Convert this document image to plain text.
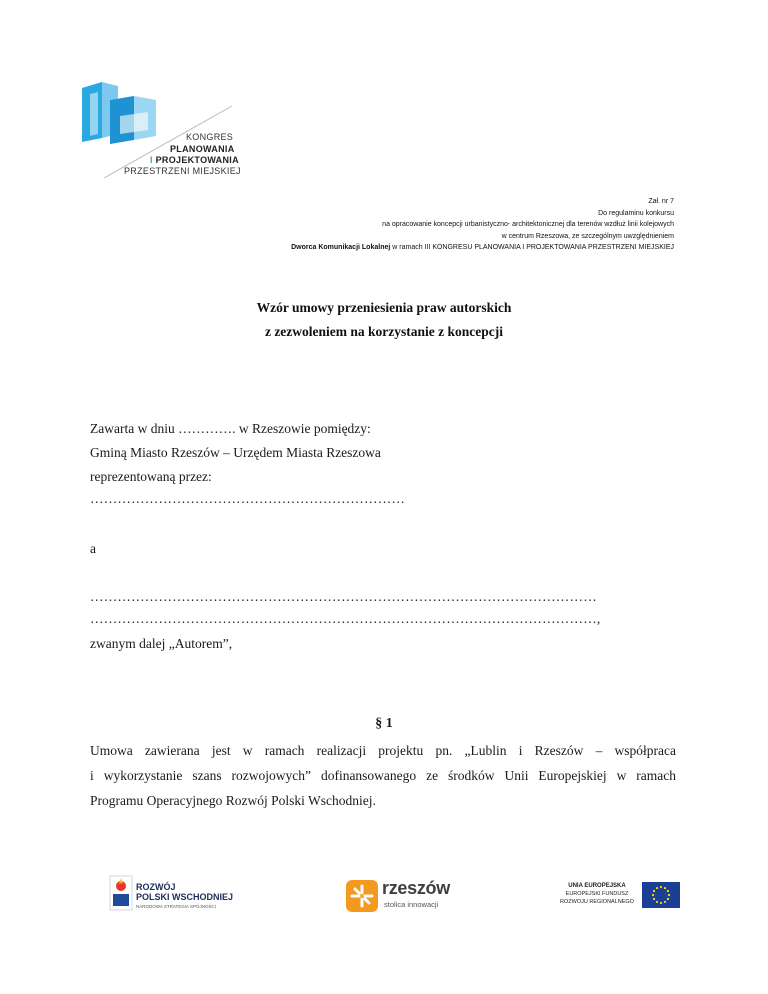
KONGRES
PLANOWANIA
I PROJEKTOWANIA
PRZESTRZENI MIEJSKIEJ
Zał. nr 7
Do regulaminu konkursu
na opracowanie koncepcji urbanistyczno- architektonicznej dla terenów wzdłuż linii kolejowych
w centrum Rzeszowa, ze szczególnym uwzględnieniem
Dworca Komunikacji Lokalnej w ramach III KONGRESU PLANOWANIA I PROJEKTOWANIA PRZESTRZENI MIEJSKIEJ
Wzór umowy przeniesienia praw autorskich
z zezwoleniem na korzystanie z koncepcji
Zawarta w dniu …………. w Rzeszowie pomiędzy:
Gminą Miasto Rzeszów – Urzędem Miasta Rzeszowa
reprezentowaną przez:
……………………………………………………………
a
…………………………………………………………………………………………………
…………………………………………………………………………………………………,
zwanym dalej „Autorem”,
§ 1
Umowa zawierana jest w ramach realizacji projektu pn. „Lublin i Rzeszów – współpraca
i wykorzystanie szans rozwojowych” dofinansowanego ze środków Unii Europejskiej w ramach
Programu Operacyjnego Rozwój Polski Wschodniej.
ROZWÓJ
POLSKI WSCHODNIEJ
NARODOWA STRATEGIA SPÓJNOŚCI
rzeszów
stolica innowacji
UNIA EUROPEJSKA
EUROPEJSKI FUNDUSZ
ROZWOJU REGIONALNEGO
